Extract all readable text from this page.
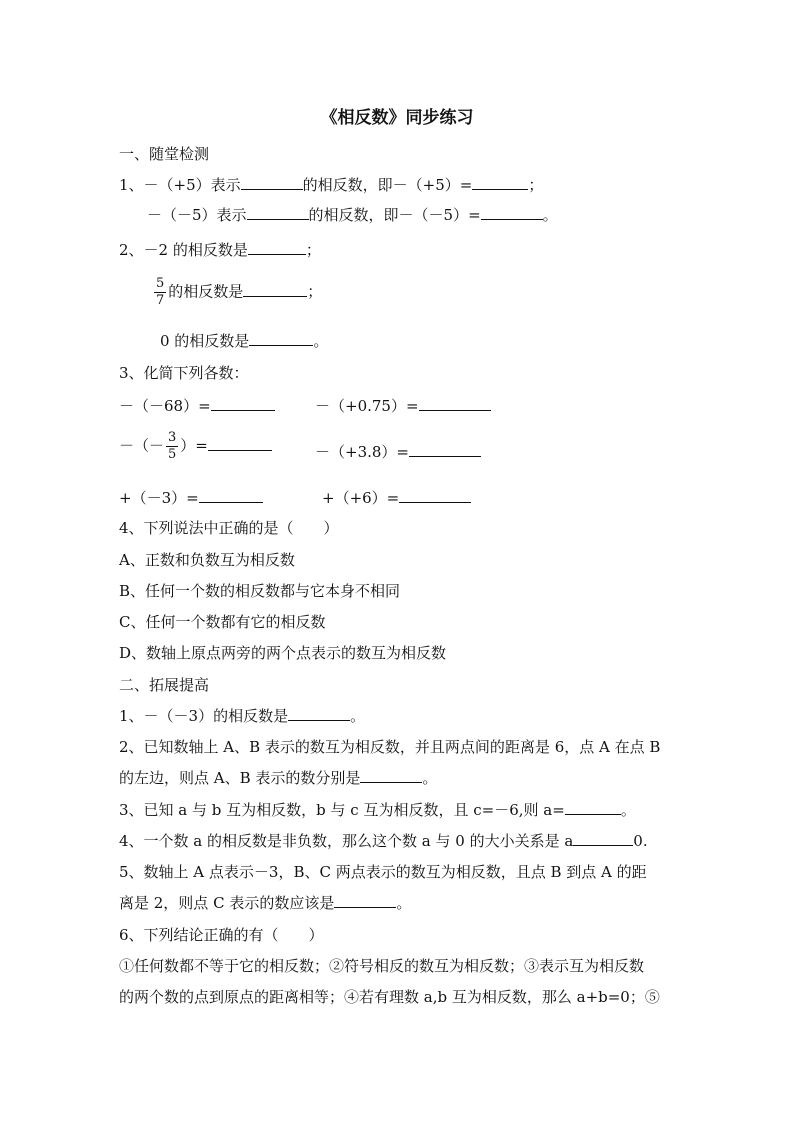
《相反数》同步练习
一、随堂检测
1、－（+5）表示	的相反数，即－（+5）=	；
－（－5）表示	的相反数，即－（－5）=	。
2、－2 的相反数是	；
$\frac{5}{7}$ 的相反数是	；
0 的相反数是	。
3、化简下列各数：
－（－68）=	－（+0.75）=
－（－ $\frac{3}{5}$ ）=	－（+3.8）=
+（－3）=	+（+6）=
4、下列说法中正确的是（　　）
A、正数和负数互为相反数
B、任何一个数的相反数都与它本身不相同
C、任何一个数都有它的相反数
D、数轴上原点两旁的两个点表示的数互为相反数
二、拓展提高
1、－（－3）的相反数是	。
2、已知数轴上 A、B 表示的数互为相反数，并且两点间的距离是 6，点 A 在点 B
的左边，则点 A、B 表示的数分别是	。
3、已知 a 与 b 互为相反数，b 与 c 互为相反数，且 c=－6,则 a=	。
4、一个数 a 的相反数是非负数，那么这个数 a 与 0 的大小关系是 a	0.
5、数轴上 A 点表示－3，B、C 两点表示的数互为相反数，且点 B 到点 A 的距
离是 2，则点 C 表示的数应该是	。
6、下列结论正确的有（　　）
①任何数都不等于它的相反数；②符号相反的数互为相反数；③表示互为相反数
的两个数的点到原点的距离相等；④若有理数 a,b 互为相反数，那么 a+b=0；⑤
